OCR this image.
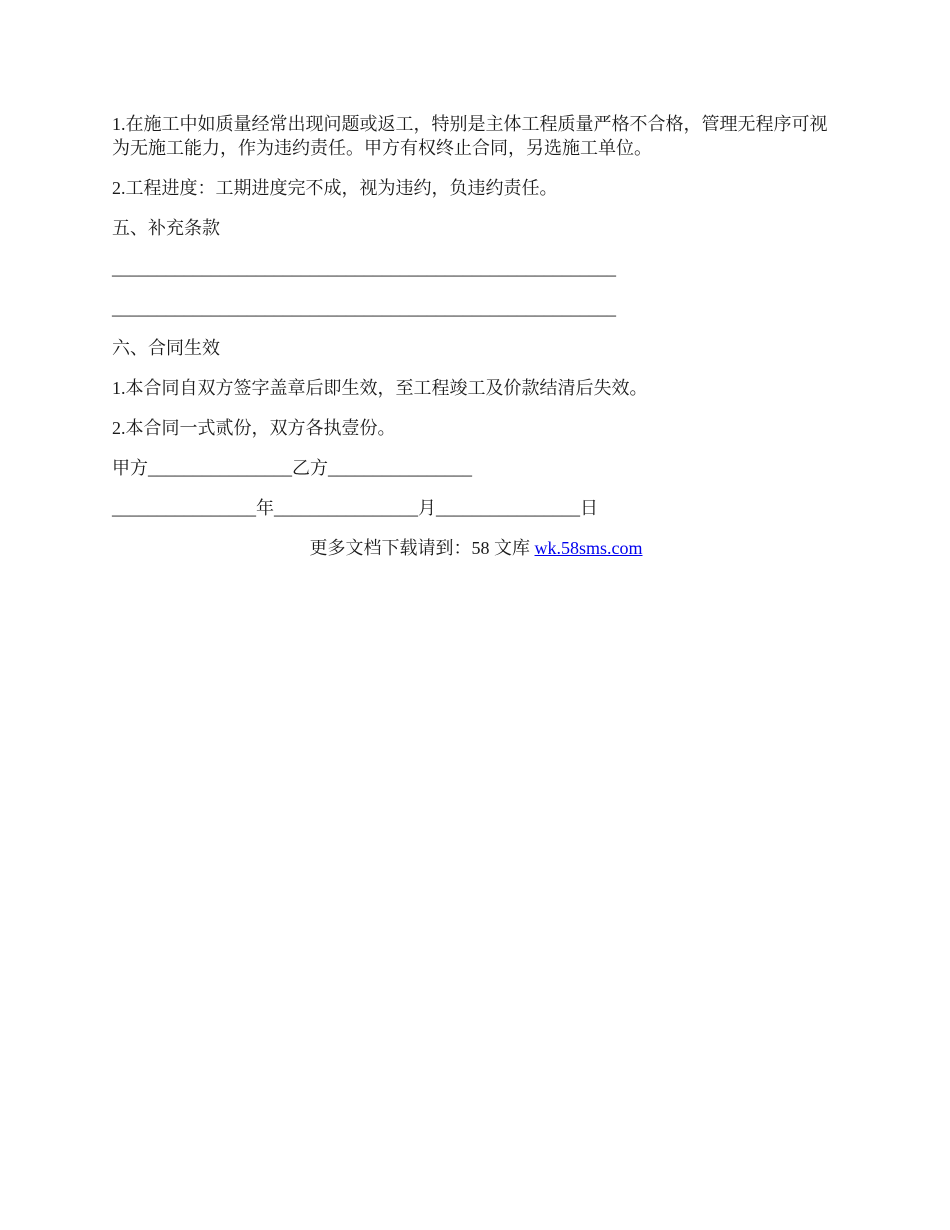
1.在施工中如质量经常出现问题或返工，特别是主体工程质量严格不合格，管理无程序可视为无施工能力，作为违约责任。甲方有权终止合同，另选施工单位。

2.工程进度：工期进度完不成，视为违约，负违约责任。

五、补充条款

________________________________________________________

________________________________________________________

六、合同生效

1.本合同自双方签字盖章后即生效，至工程竣工及价款结清后失效。

2.本合同一式贰份，双方各执壹份。

甲方________________乙方________________

________________年________________月________________日

更多文档下载请到：58 文库 wk.58sms.com
